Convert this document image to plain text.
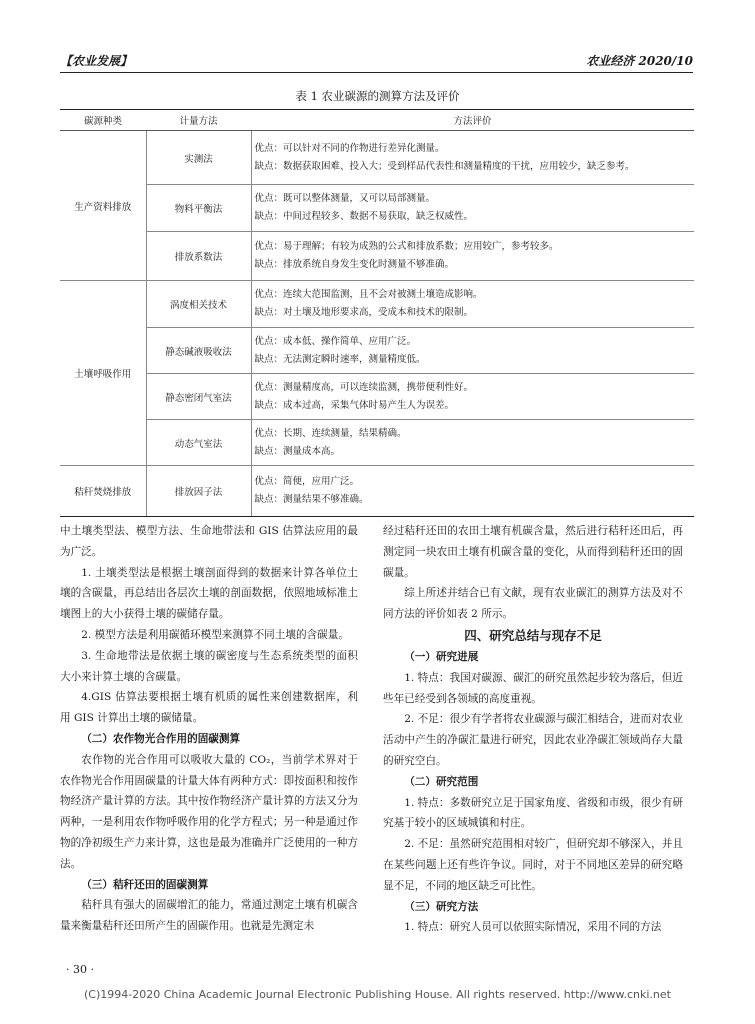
【农业发展】	农业经济 2020/10
表 1 农业碳源的测算方法及评价
碳源种类	计量方法	方法评价
生产资料排放	实测法	优点：可以针对不同的作物进行差异化测量。
缺点：数据获取困难、投入大；受到样品代表性和测量精度的干扰，应用较少，缺乏参考。

	物料平衡法	优点：既可以整体测量，又可以局部测量。
缺点：中间过程较多、数据不易获取，缺乏权威性。

	排放系数法	优点：易于理解；有较为成熟的公式和排放系数；应用较广，参考较多。
缺点：排放系统自身发生变化时测量不够准确。

土壤呼吸作用	涡度相关技术	优点：连续大范围监测，且不会对被测土壤造成影响。
缺点：对土壤及地形要求高，受成本和技术的限制。

	静态碱液吸收法	优点：成本低、操作简单、应用广泛。
缺点：无法测定瞬时速率，测量精度低。

	静态密闭气室法	优点：测量精度高，可以连续监测，携带便利性好。
缺点：成本过高，采集气体时易产生人为误差。

	动态气室法	优点：长期、连续测量，结果精确。
缺点：测量成本高。

秸秆焚烧排放	排放因子法	优点：简便，应用广泛。
缺点：测量结果不够准确。

中土壤类型法、模型方法、生命地带法和 GIS 估算法应用的最为广泛。

1. 土壤类型法是根据土壤剖面得到的数据来计算各单位土壤的含碳量，再总结出各层次土壤的剖面数据，依照地域标准土壤图上的大小获得土壤的碳储存量。

2. 模型方法是利用碳循环模型来测算不同土壤的含碳量。

3. 生命地带法是依据土壤的碳密度与生态系统类型的面积大小来计算土壤的含碳量。

4.GIS 估算法要根据土壤有机质的属性来创建数据库，利用 GIS 计算出土壤的碳储量。

（二）农作物光合作用的固碳测算

农作物的光合作用可以吸收大量的 CO₂，当前学术界对于农作物光合作用固碳量的计量大体有两种方式：即按面积和按作物经济产量计算的方法。其中按作物经济产量计算的方法又分为两种，一是利用农作物呼吸作用的化学方程式；另一种是通过作物的净初级生产力来计算，这也是最为准确并广泛使用的一种方法。

（三）秸秆还田的固碳测算

秸秆具有强大的固碳增汇的能力，常通过测定土壤有机碳含量来衡量秸秆还田所产生的固碳作用。也就是先测定未

经过秸秆还田的农田土壤有机碳含量，然后进行秸秆还田后，再测定同一块农田土壤有机碳含量的变化，从而得到秸秆还田的固碳量。

综上所述并结合已有文献，现有农业碳汇的测算方法及对不同方法的评价如表 2 所示。

四、研究总结与现存不足

（一）研究进展

1. 特点：我国对碳源、碳汇的研究虽然起步较为落后，但近些年已经受到各领域的高度重视。

2. 不足：很少有学者将农业碳源与碳汇相结合，进而对农业活动中产生的净碳汇量进行研究，因此农业净碳汇领域尚存大量的研究空白。

（二）研究范围

1. 特点：多数研究立足于国家角度、省级和市级，很少有研究基于较小的区域城镇和村庄。

2. 不足：虽然研究范围相对较广，但研究却不够深入，并且在某些问题上还有些许争议。同时，对于不同地区差异的研究略显不足，不同的地区缺乏可比性。

（三）研究方法

1. 特点：研究人员可以依照实际情况，采用不同的方法

· 30 ·
(C)1994-2020 China Academic Journal Electronic Publishing House. All rights reserved. http://www.cnki.net
